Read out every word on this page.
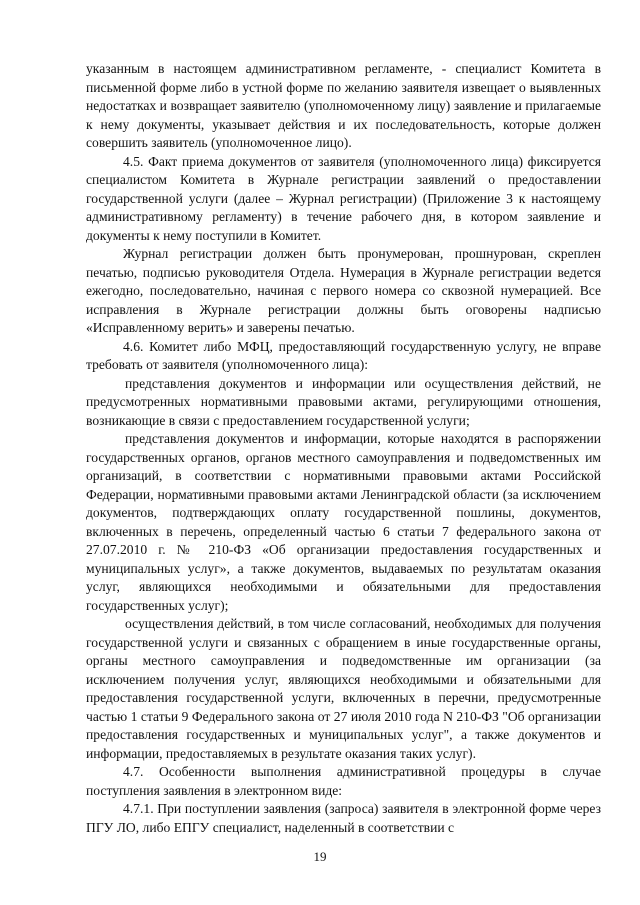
указанным в настоящем административном регламенте, - специалист Комитета в письменной форме либо в устной форме по желанию заявителя извещает о выявленных недостатках и возвращает заявителю (уполномоченному лицу) заявление и прилагаемые к нему документы, указывает действия и их последовательность, которые должен совершить заявитель (уполномоченное лицо).

4.5. Факт приема документов от заявителя (уполномоченного лица) фиксируется специалистом Комитета в Журнале регистрации заявлений о предоставлении государственной услуги (далее – Журнал регистрации) (Приложение 3 к настоящему административному регламенту) в течение рабочего дня, в котором заявление и документы к нему поступили в Комитет.

Журнал регистрации должен быть пронумерован, прошнурован, скреплен печатью, подписью руководителя Отдела. Нумерация в Журнале регистрации ведется ежегодно, последовательно, начиная с первого номера со сквозной нумерацией. Все исправления в Журнале регистрации должны быть оговорены надписью «Исправленному верить» и заверены печатью.

4.6. Комитет либо МФЦ, предоставляющий государственную услугу, не вправе требовать от заявителя (уполномоченного лица):

представления документов и информации или осуществления действий, не предусмотренных нормативными правовыми актами, регулирующими отношения, возникающие в связи с предоставлением государственной услуги;

представления документов и информации, которые находятся в распоряжении государственных органов, органов местного самоуправления и подведомственных им организаций, в соответствии с нормативными правовыми актами Российской Федерации, нормативными правовыми актами Ленинградской области (за исключением документов, подтверждающих оплату государственной пошлины, документов, включенных в перечень, определенный частью 6 статьи 7 федерального закона от 27.07.2010 г. № 210-ФЗ «Об организации предоставления государственных и муниципальных услуг», а также документов, выдаваемых по результатам оказания услуг, являющихся необходимыми и обязательными для предоставления государственных услуг);

осуществления действий, в том числе согласований, необходимых для получения государственной услуги и связанных с обращением в иные государственные органы, органы местного самоуправления и подведомственные им организации (за исключением получения услуг, являющихся необходимыми и обязательными для предоставления государственной услуги, включенных в перечни, предусмотренные частью 1 статьи 9 Федерального закона от 27 июля 2010 года N 210-ФЗ "Об организации предоставления государственных и муниципальных услуг", а также документов и информации, предоставляемых в результате оказания таких услуг).

4.7. Особенности выполнения административной процедуры в случае поступления заявления в электронном виде:

4.7.1. При поступлении заявления (запроса) заявителя в электронной форме через ПГУ ЛО, либо ЕПГУ специалист, наделенный в соответствии с

19
